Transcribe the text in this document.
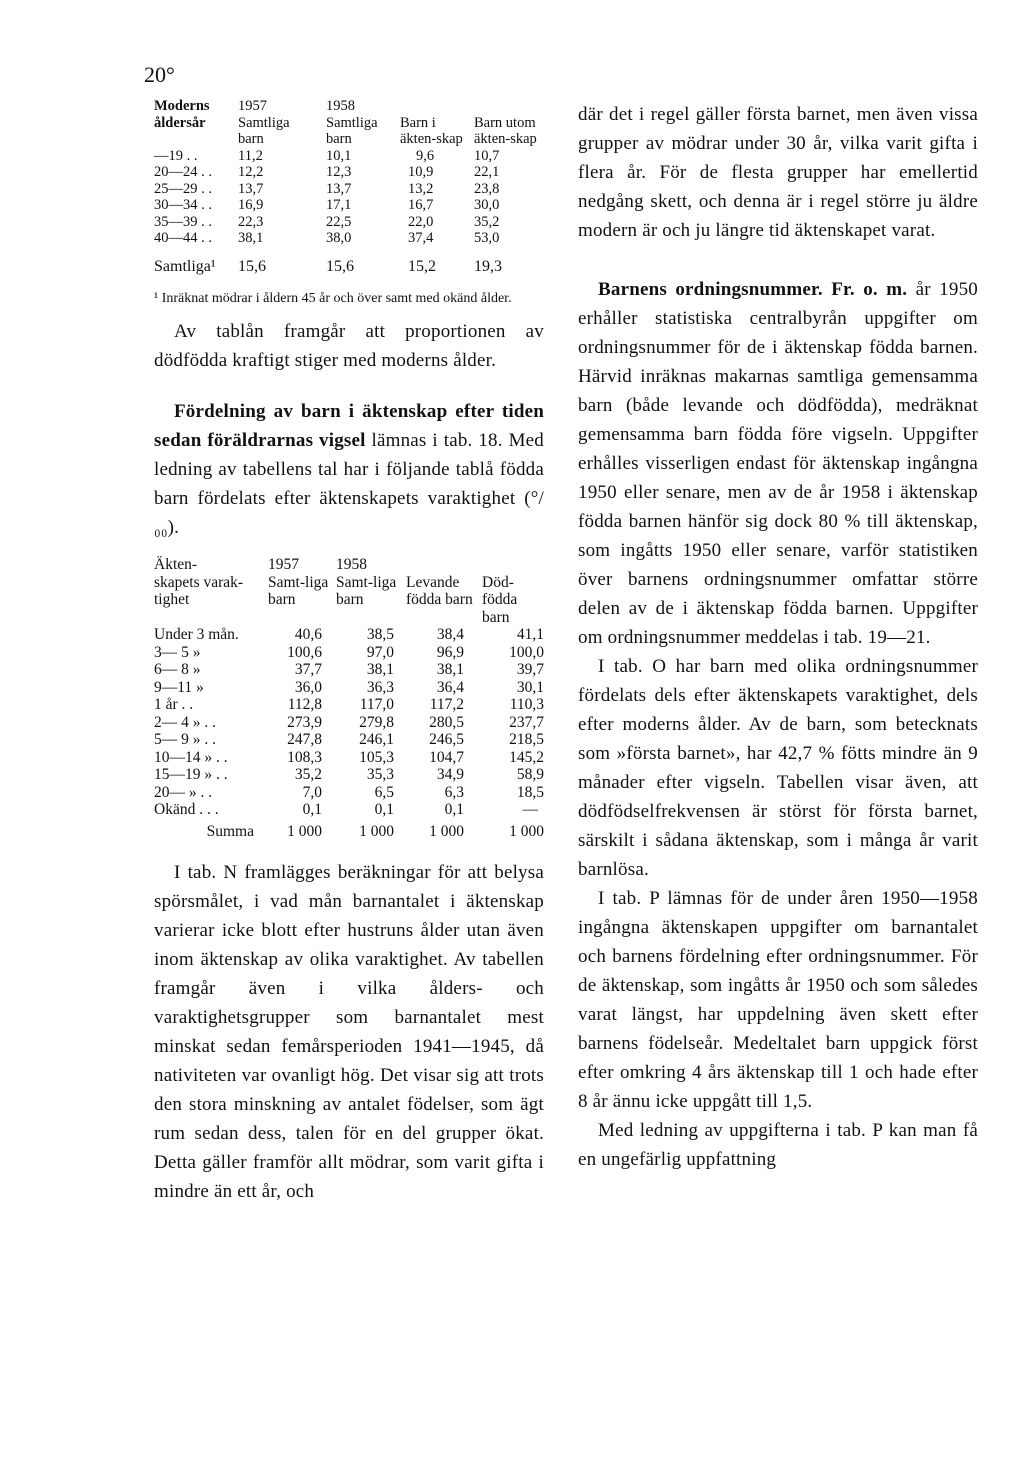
20°
Moderns	1957	1958		
åldersår	Samtliga barn	Samtliga barn	Barn i äkten-skap	Barn utom äkten-skap
—19 . .	11,2	10,1	9,6	10,7
20—24 . .	12,2	12,3	10,9	22,1
25—29 . .	13,7	13,7	13,2	23,8
30—34 . .	16,9	17,1	16,7	30,0
35—39 . .	22,3	22,5	22,0	35,2
40—44 . .	38,1	38,0	37,4	53,0
Samtliga¹	15,6	15,6	15,2	19,3
¹ Inräknat mödrar i åldern 45 år och över samt med okänd ålder.

Av tablån framgår att proportionen av dödfödda kraftigt stiger med moderns ålder.

Fördelning av barn i äktenskap efter tiden sedan föräldrarnas vigsel lämnas i tab. 18. Med ledning av tabellens tal har i följande tablå födda barn fördelats efter äktenskapets varaktighet (°/₀₀).

Äkten-	1957	1958		
skapets varak-tighet	Samt-liga barn	Samt-liga barn	Levande födda barn	Död-födda barn
Under 3 mån.	40,6	38,5	38,4	41,1
3— 5 »	100,6	97,0	96,9	100,0
6— 8 »	37,7	38,1	38,1	39,7
9—11 »	36,0	36,3	36,4	30,1
1 år . .	112,8	117,0	117,2	110,3
2— 4 » . .	273,9	279,8	280,5	237,7
5— 9 » . .	247,8	246,1	246,5	218,5
10—14 » . .	108,3	105,3	104,7	145,2
15—19 » . .	35,2	35,3	34,9	58,9
20— » . .	7,0	6,5	6,3	18,5
Okänd . . .	0,1	0,1	0,1	—
Summa	1 000	1 000	1 000	1 000

I tab. N framlägges beräkningar för att belysa spörsmålet, i vad mån barnantalet i äktenskap varierar icke blott efter hustruns ålder utan även inom äktenskap av olika varaktighet. Av tabellen framgår även i vilka ålders- och varaktighetsgrupper som barnantalet mest minskat sedan femårsperioden 1941—1945, då nativiteten var ovanligt hög. Det visar sig att trots den stora minskning av antalet födelser, som ägt rum sedan dess, talen för en del grupper ökat. Detta gäller framför allt mödrar, som varit gifta i mindre än ett år, och

där det i regel gäller första barnet, men även vissa grupper av mödrar under 30 år, vilka varit gifta i flera år. För de flesta grupper har emellertid nedgång skett, och denna är i regel större ju äldre modern är och ju längre tid äktenskapet varat.

Barnens ordningsnummer. Fr. o. m. år 1950 erhåller statistiska centralbyrån uppgifter om ordningsnummer för de i äktenskap födda barnen. Härvid inräknas makarnas samtliga gemensamma barn (både levande och dödfödda), medräknat gemensamma barn födda före vigseln. Uppgifter erhålles visserligen endast för äktenskap ingångna 1950 eller senare, men av de år 1958 i äktenskap födda barnen hänför sig dock 80 % till äktenskap, som ingåtts 1950 eller senare, varför statistiken över barnens ordningsnummer omfattar större delen av de i äktenskap födda barnen. Uppgifter om ordningsnummer meddelas i tab. 19—21.

I tab. O har barn med olika ordningsnummer fördelats dels efter äktenskapets varaktighet, dels efter moderns ålder. Av de barn, som betecknats som »första barnet», har 42,7 % fötts mindre än 9 månader efter vigseln. Tabellen visar även, att dödfödselfrekvensen är störst för första barnet, särskilt i sådana äktenskap, som i många år varit barnlösa.

I tab. P lämnas för de under åren 1950—1958 ingångna äktenskapen uppgifter om barnantalet och barnens fördelning efter ordningsnummer. För de äktenskap, som ingåtts år 1950 och som således varat längst, har uppdelning även skett efter barnens födelseår. Medeltalet barn uppgick först efter omkring 4 års äktenskap till 1 och hade efter 8 år ännu icke uppgått till 1,5.

Med ledning av uppgifterna i tab. P kan man få en ungefärlig uppfattning
